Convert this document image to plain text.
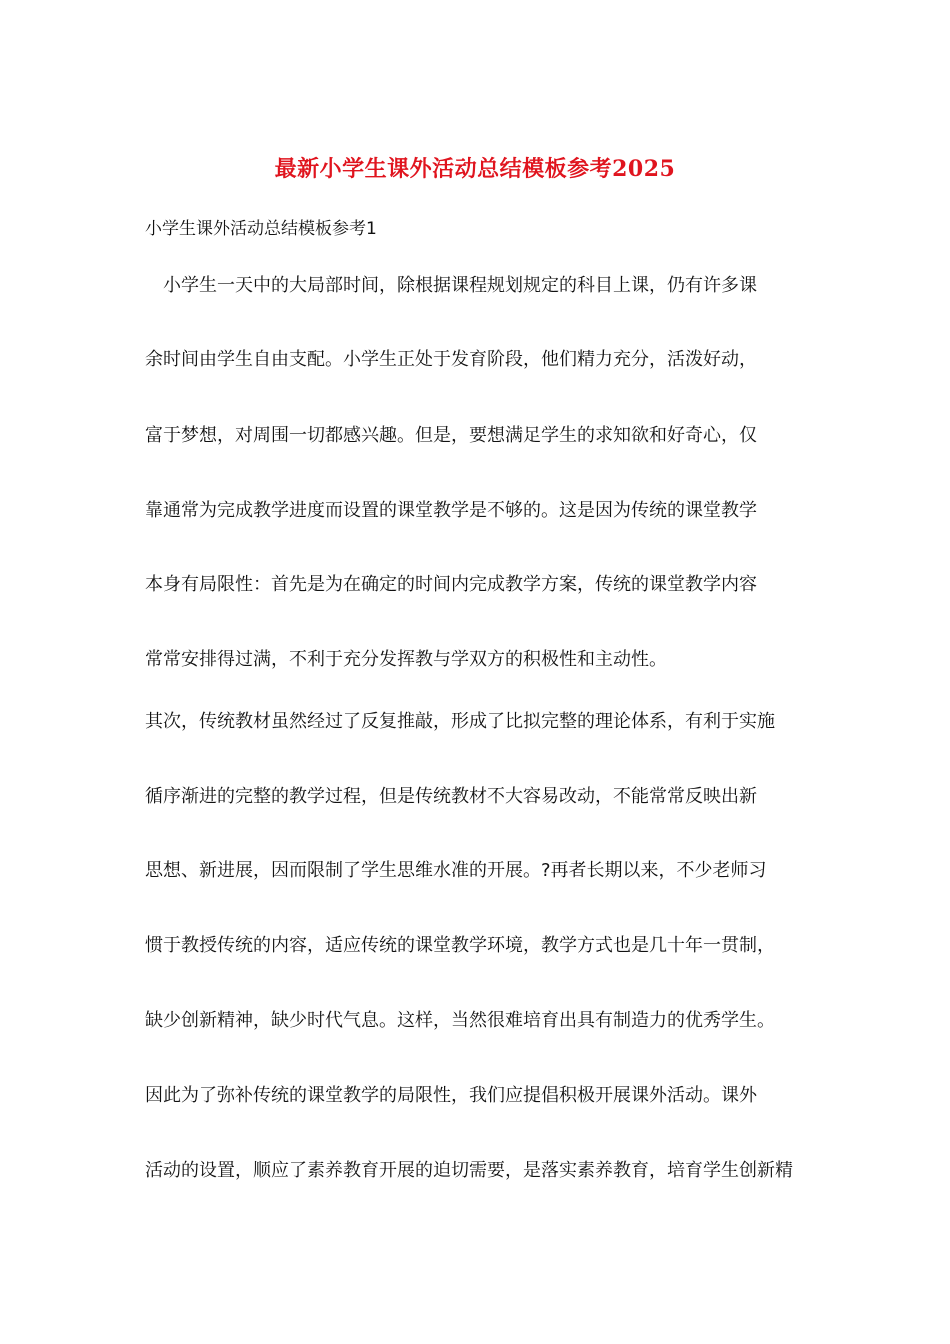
最新小学生课外活动总结模板参考2025
小学生课外活动总结模板参考1
小学生一天中的大局部时间，除根据课程规划规定的科目上课，仍有许多课
余时间由学生自由支配。小学生正处于发育阶段，他们精力充分，活泼好动，
富于梦想，对周围一切都感兴趣。但是，要想满足学生的求知欲和好奇心，仅
靠通常为完成教学进度而设置的课堂教学是不够的。这是因为传统的课堂教学
本身有局限性：首先是为在确定的时间内完成教学方案，传统的课堂教学内容
常常安排得过满，不利于充分发挥教与学双方的积极性和主动性。
其次，传统教材虽然经过了反复推敲，形成了比拟完整的理论体系，有利于实施
循序渐进的完整的教学过程，但是传统教材不大容易改动，不能常常反映出新
思想、新进展，因而限制了学生思维水准的开展。?再者长期以来，不少老师习
惯于教授传统的内容，适应传统的课堂教学环境，教学方式也是几十年一贯制，
缺少创新精神，缺少时代气息。这样，当然很难培育出具有制造力的优秀学生。
因此为了弥补传统的课堂教学的局限性，我们应提倡积极开展课外活动。课外
活动的设置，顺应了素养教育开展的迫切需要，是落实素养教育，培育学生创新精
